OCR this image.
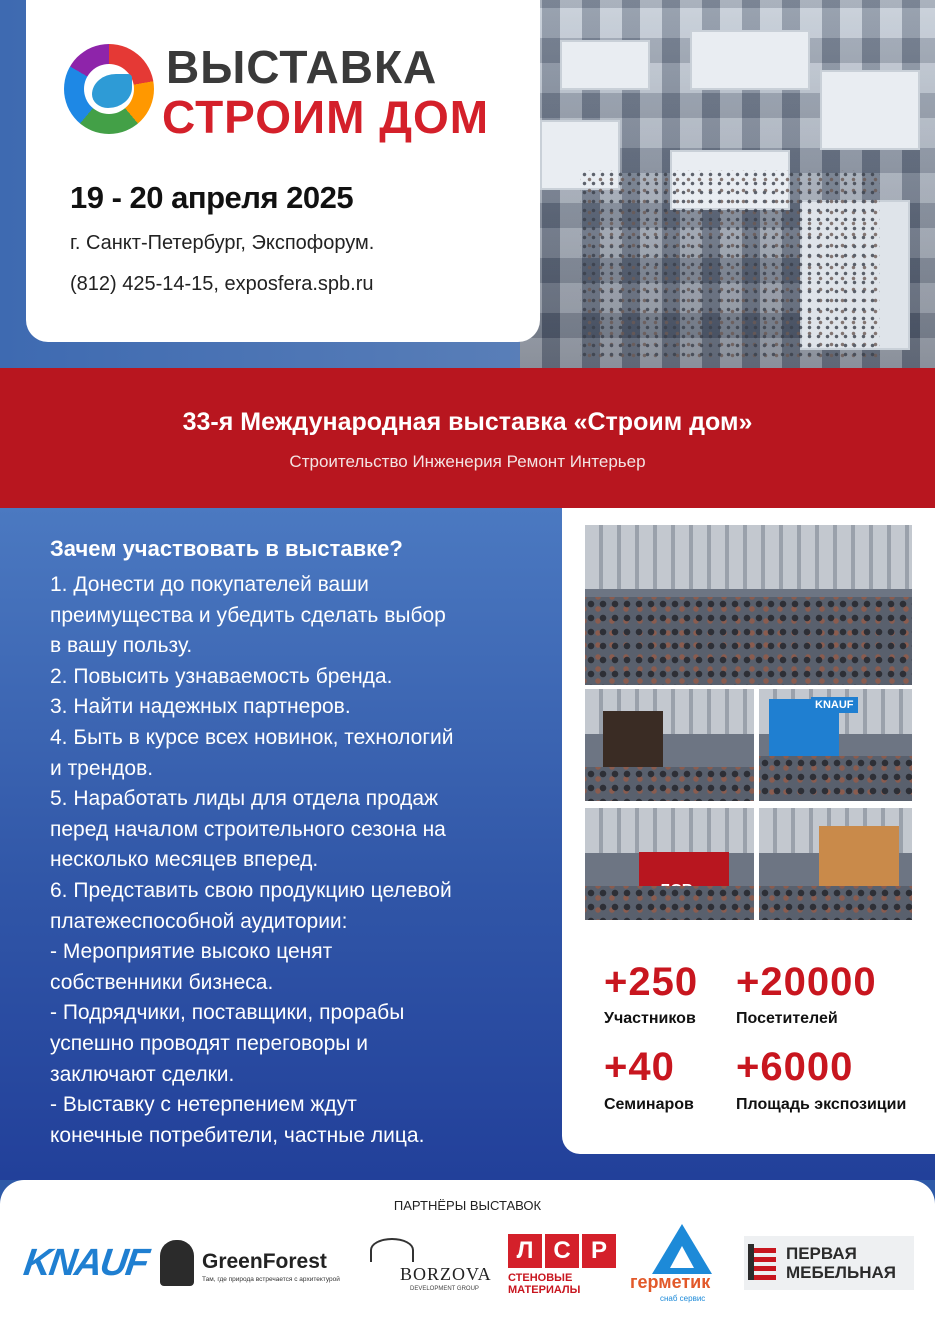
ВЫСТАВКА
СТРОИМ ДОМ
19 - 20 апреля 2025
г. Санкт-Петербург, Экспофорум.
(812) 425-14-15, exposfera.spb.ru
33-я Международная выставка «Строим дом»
Строительство Инженерия Ремонт Интерьер
Зачем участвовать в выставке?
1. Донести до покупателей ваши
преимущества и убедить сделать выбор
в вашу пользу.
2. Повысить узнаваемость бренда.
3. Найти надежных партнеров.
4. Быть в курсе всех новинок, технологий
и трендов.
5. Наработать лиды для отдела продаж
перед началом строительного сезона на
несколько месяцев вперед.
6. Представить свою продукцию целевой
платежеспособной аудитории:
- Мероприятие высоко ценят
собственники бизнеса.
- Подрядчики, поставщики, прорабы
успешно проводят переговоры и
заключают сделки.
- Выставку с нетерпением ждут
конечные потребители, частные лица.
KNAUF
+250
Участников
+20000
Посетителей
+40
Семинаров
+6000
Площадь экспозиции
ПАРТНЁРЫ ВЫСТАВОК
KNAUF GreenForest
Там, где природа встречается с архитектурой	BORZOVA
DEVELOPMENT GROUP
Л С Р
СТЕНОВЫЕ МАТЕРИАЛЫ	герметик
снаб сервис
ПЕРВАЯ
МЕБЕЛЬНАЯ
